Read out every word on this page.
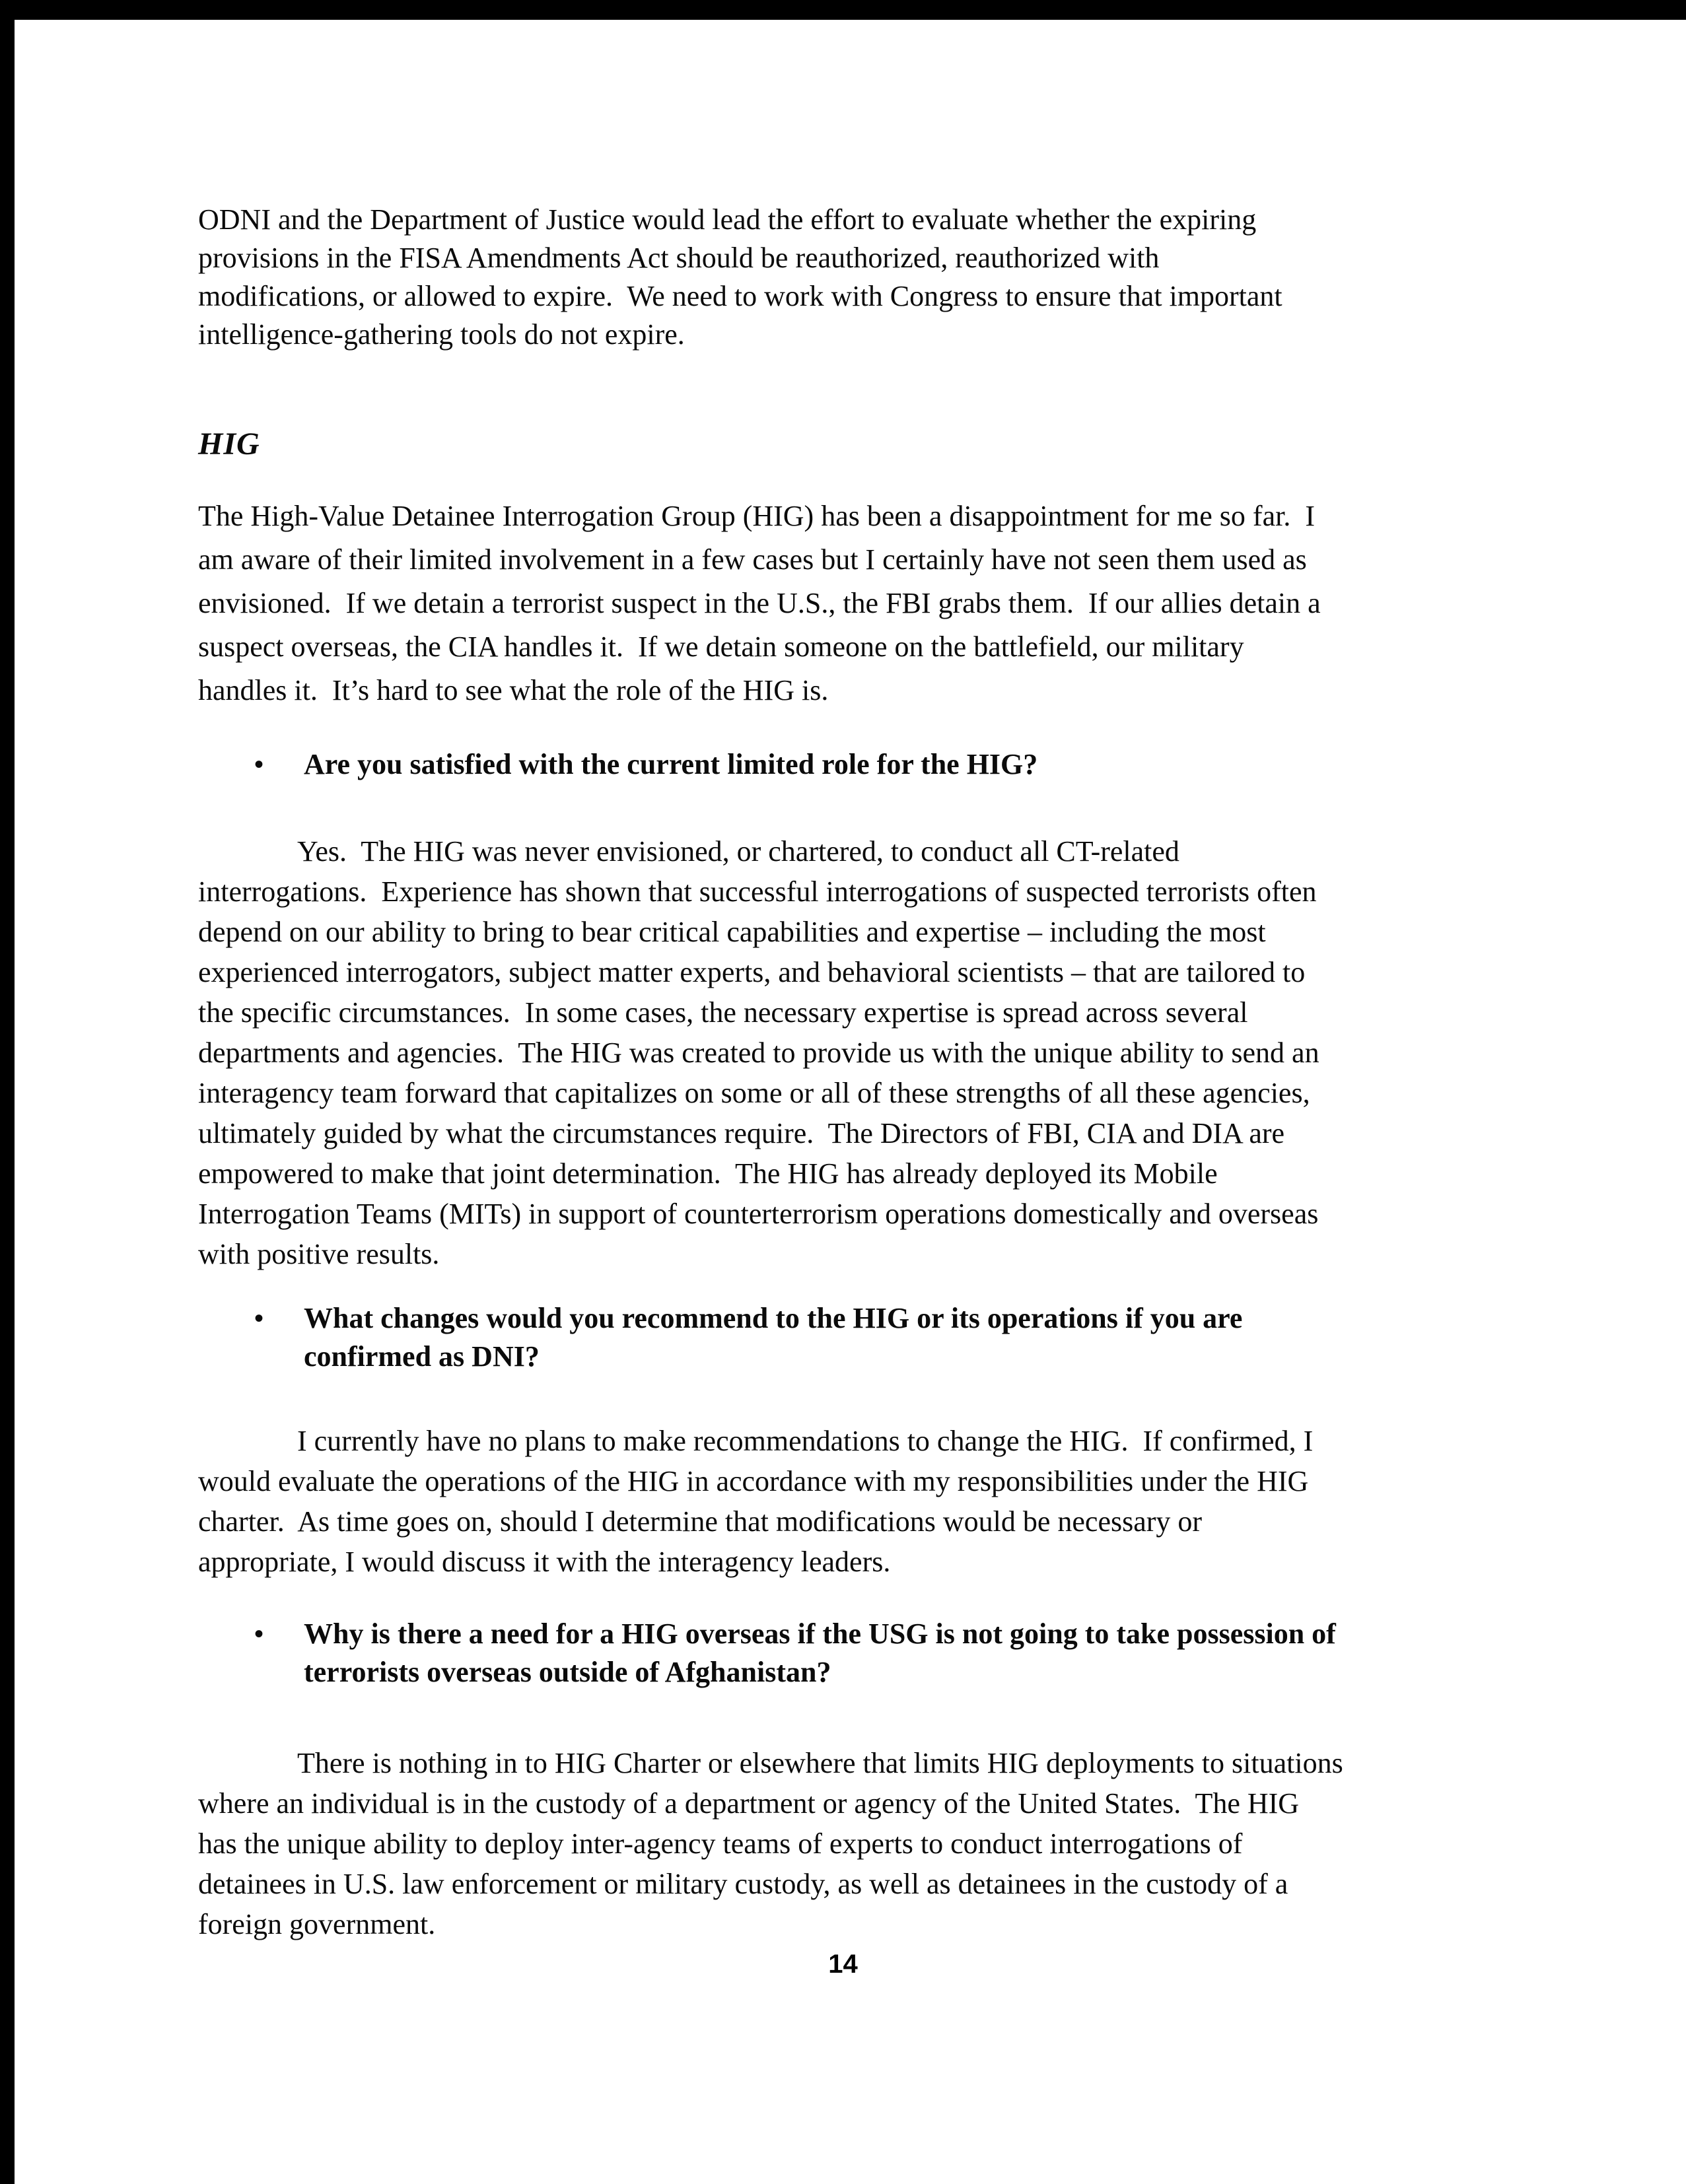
ODNI and the Department of Justice would lead the effort to evaluate whether the expiring
provisions in the FISA Amendments Act should be reauthorized, reauthorized with
modifications, or allowed to expire.  We need to work with Congress to ensure that important
intelligence-gathering tools do not expire.
HIG
The High-Value Detainee Interrogation Group (HIG) has been a disappointment for me so far.  I
am aware of their limited involvement in a few cases but I certainly have not seen them used as
envisioned.  If we detain a terrorist suspect in the U.S., the FBI grabs them.  If our allies detain a
suspect overseas, the CIA handles it.  If we detain someone on the battlefield, our military
handles it.  It’s hard to see what the role of the HIG is.
•	Are you satisfied with the current limited role for the HIG?
Yes.  The HIG was never envisioned, or chartered, to conduct all CT-related
interrogations.  Experience has shown that successful interrogations of suspected terrorists often
depend on our ability to bring to bear critical capabilities and expertise – including the most
experienced interrogators, subject matter experts, and behavioral scientists – that are tailored to
the specific circumstances.  In some cases, the necessary expertise is spread across several
departments and agencies.  The HIG was created to provide us with the unique ability to send an
interagency team forward that capitalizes on some or all of these strengths of all these agencies,
ultimately guided by what the circumstances require.  The Directors of FBI, CIA and DIA are
empowered to make that joint determination.  The HIG has already deployed its Mobile
Interrogation Teams (MITs) in support of counterterrorism operations domestically and overseas
with positive results.
•	What changes would you recommend to the HIG or its operations if you are
confirmed as DNI?
I currently have no plans to make recommendations to change the HIG.  If confirmed, I
would evaluate the operations of the HIG in accordance with my responsibilities under the HIG
charter.  As time goes on, should I determine that modifications would be necessary or
appropriate, I would discuss it with the interagency leaders.
•	Why is there a need for a HIG overseas if the USG is not going to take possession of
terrorists overseas outside of Afghanistan?
There is nothing in to HIG Charter or elsewhere that limits HIG deployments to situations
where an individual is in the custody of a department or agency of the United States.  The HIG
has the unique ability to deploy inter-agency teams of experts to conduct interrogations of
detainees in U.S. law enforcement or military custody, as well as detainees in the custody of a
foreign government.
14
